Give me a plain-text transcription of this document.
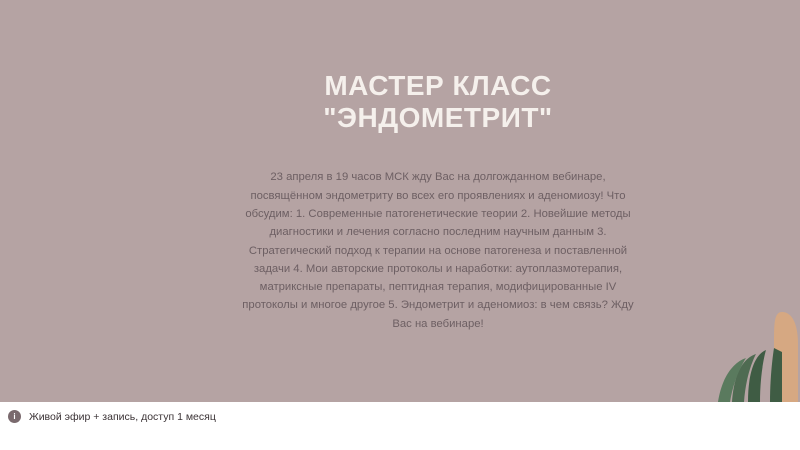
МАСТЕР КЛАСС "ЭНДОМЕТРИТ"

23 апреля в 19 часов МСК жду Вас на долгожданном вебинаре, посвящённом эндометриту во всех его проявлениях и аденомиозу! Что обсудим: 1. Современные патогенетические теории 2. Новейшие методы диагностики и лечения согласно последним научным данным 3. Стратегический подход к терапии на основе патогенеза и поставленной задачи 4. Мои авторские протоколы и наработки: аутоплазмотерапия, матриксные препараты, пептидная терапия, модифицированные IV протоколы и многое другое 5. Эндометрит и аденомиоз: в чем связь? Жду Вас на вебинаре!

i	Живой эфир + запись, доступ 1 месяц
